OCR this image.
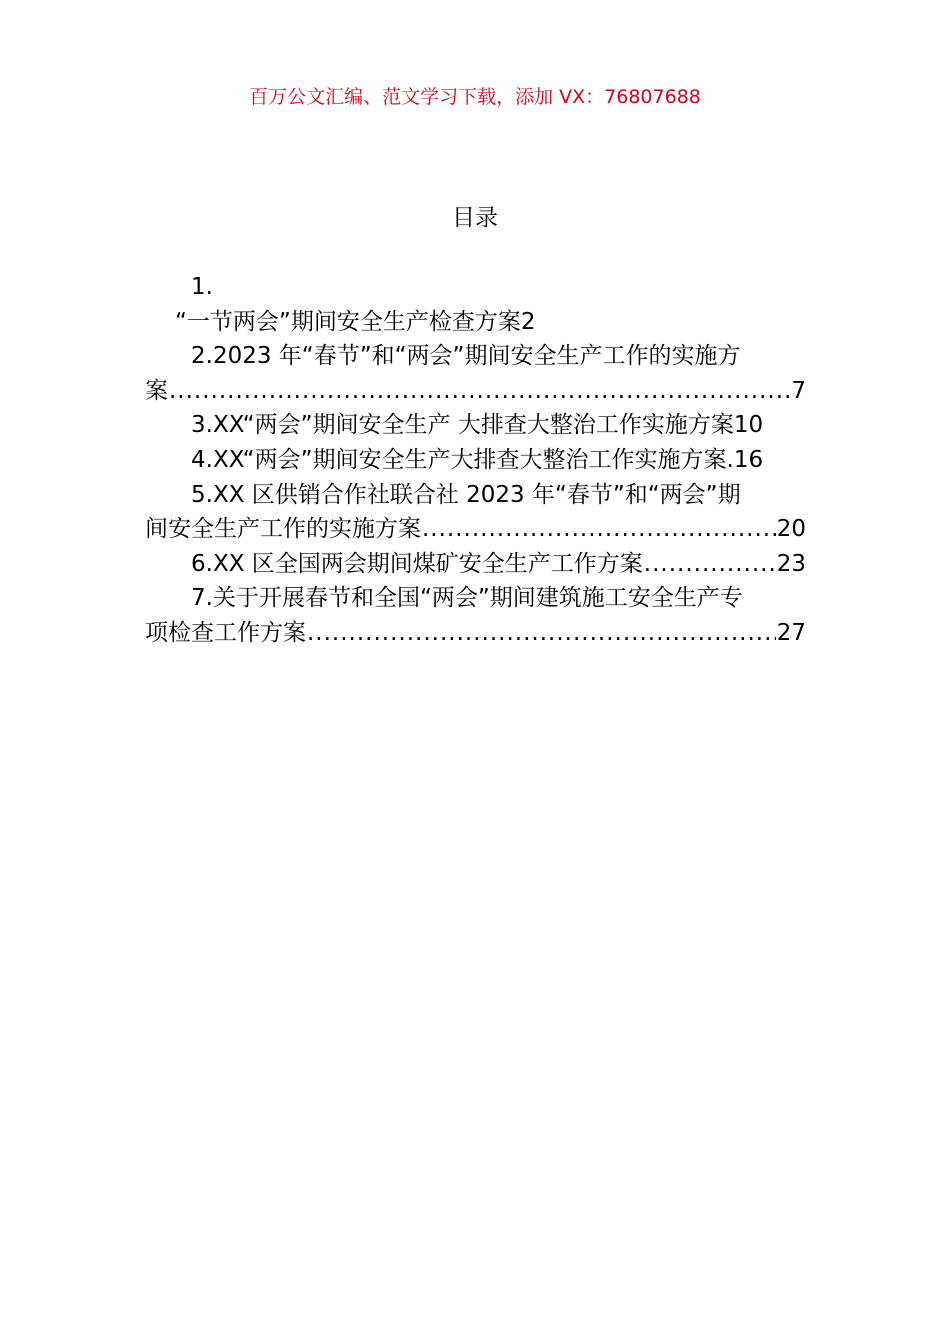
百万公文汇编、范文学习下载，添加 VX：76807688
目录
1.
“一节两会”期间安全生产检查方案2
2.2023 年“春节”和“两会”期间安全生产工作的实施方
案 .....	7
3.XX“两会”期间安全生产 大排查大整治工作实施方案10
4.XX“两会”期间安全生产大排查大整治工作实施方案.16
5.XX 区供销合作社联合社 2023 年“春节”和“两会”期
间安全生产工作的实施方案 .....	20
6.XX 区全国两会期间煤矿安全生产工作方案 .....	23
7.关于开展春节和全国“两会”期间建筑施工安全生产专
项检查工作方案 .....	27
